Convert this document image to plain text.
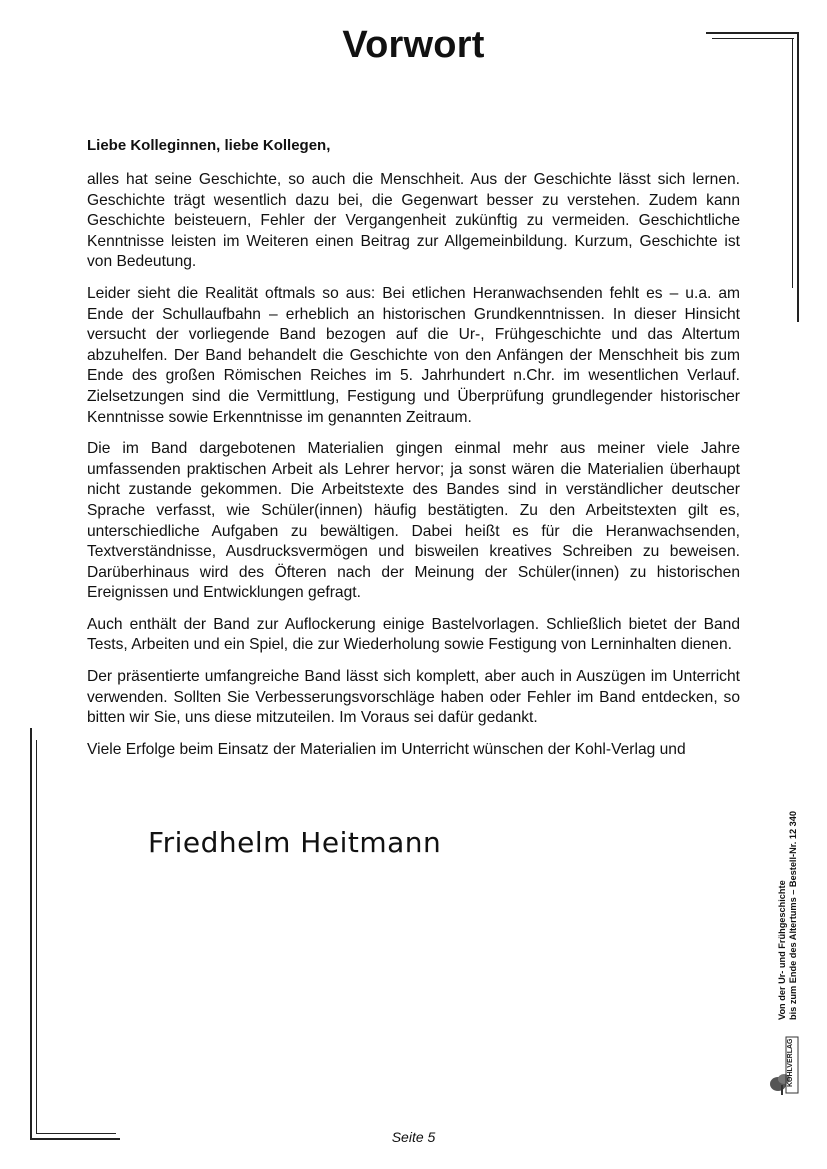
Vorwort

Liebe Kolleginnen, liebe Kollegen,

alles hat seine Geschichte, so auch die Menschheit. Aus der Geschichte lässt sich lernen. Geschichte trägt wesentlich dazu bei, die Gegenwart besser zu verstehen. Zudem kann Geschichte beisteuern, Fehler der Vergangenheit zukünftig zu vermeiden. Geschichtliche Kenntnisse leisten im Weiteren einen Beitrag zur Allgemeinbildung. Kurzum, Geschichte ist von Bedeutung.

Leider sieht die Realität oftmals so aus: Bei etlichen Heranwachsenden fehlt es – u.a. am Ende der Schullaufbahn – erheblich an historischen Grundkenntnissen. In dieser Hinsicht versucht der vorliegende Band bezogen auf die Ur-, Frühgeschichte und das Altertum abzuhelfen. Der Band behandelt die Geschichte von den Anfängen der Menschheit bis zum Ende des großen Römischen Reiches im 5. Jahrhundert n.Chr. im wesentlichen Verlauf. Zielsetzungen sind die Vermittlung, Festigung und Überprüfung grundlegender historischer Kenntnisse sowie Erkenntnisse im genannten Zeitraum.

Die im Band dargebotenen Materialien gingen einmal mehr aus meiner viele Jahre umfassenden praktischen Arbeit als Lehrer hervor; ja sonst wären die Materialien überhaupt nicht zustande gekommen. Die Arbeitstexte des Bandes sind in verständlicher deutscher Sprache verfasst, wie Schüler(innen) häufig bestätigten. Zu den Arbeitstexten gilt es, unterschiedliche Aufgaben zu bewältigen. Dabei heißt es für die Heranwachsenden, Textverständnisse, Ausdrucksvermögen und bisweilen kreatives Schreiben zu beweisen. Darüberhinaus wird des Öfteren nach der Meinung der Schüler(innen) zu historischen Ereignissen und Entwicklungen gefragt.

Auch enthält der Band zur Auflockerung einige Bastelvorlagen. Schließlich bietet der Band Tests, Arbeiten und ein Spiel, die zur Wiederholung sowie Festigung von Lerninhalten dienen.

Der präsentierte umfangreiche Band lässt sich komplett, aber auch in Auszügen im Unterricht verwenden. Sollten Sie Verbesserungsvorschläge haben oder Fehler im Band entdecken, so bitten wir Sie, uns diese mitzuteilen. Im Voraus sei dafür gedankt.

Viele Erfolge beim Einsatz der Materialien im Unterricht wünschen der Kohl-Verlag und

Friedhelm Heitmann
Von der Ur- und Frühgeschichte bis zum Ende des Altertums – Bestell-Nr. 12 340
KOHLVERLAG
Seite 5
